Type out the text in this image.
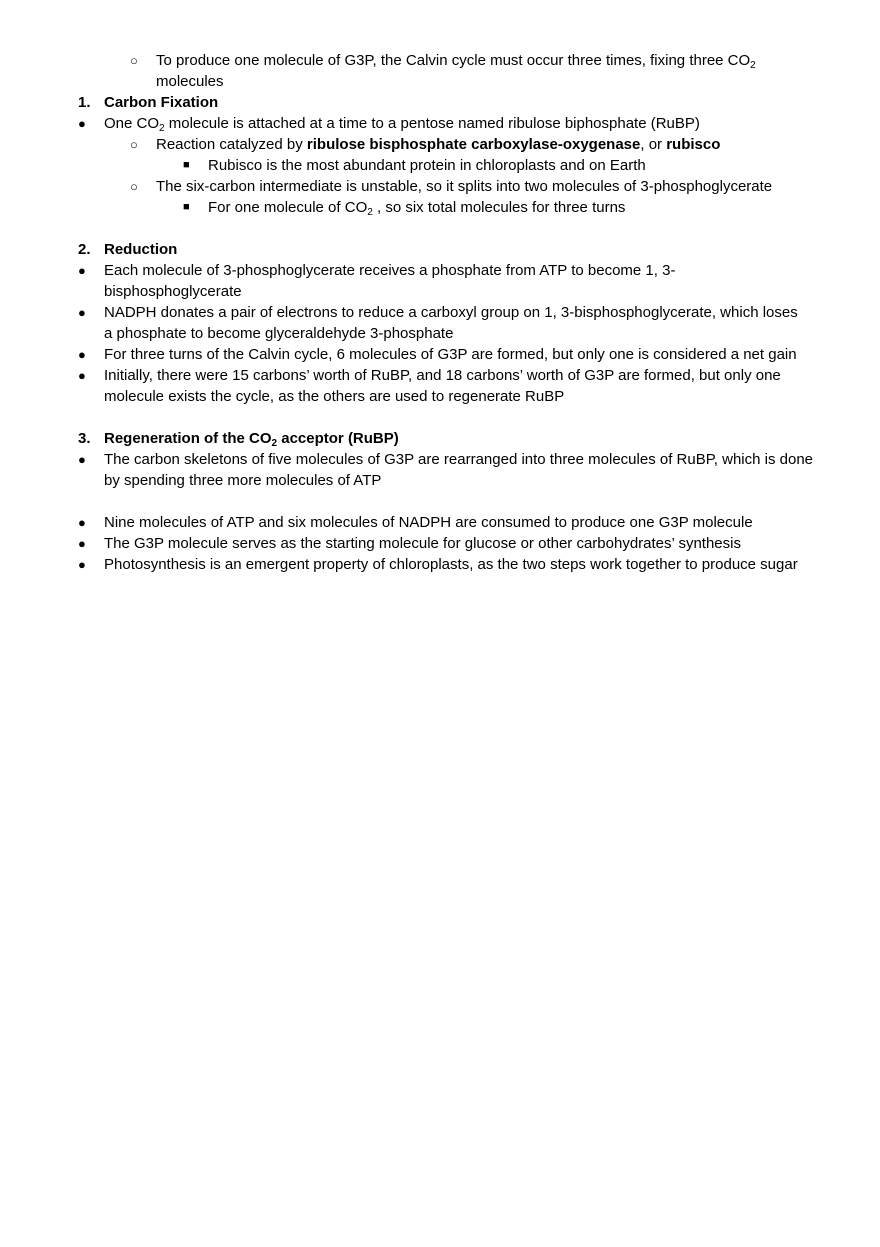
○ To produce one molecule of G3P, the Calvin cycle must occur three times, fixing three $CO_2$
molecules
1. Carbon Fixation
● One $CO_2$ molecule is attached at a time to a pentose named ribulose biphosphate (RuBP)
○ Reaction catalyzed by ribulose bisphosphate carboxylase-oxygenase, or rubisco
■ Rubisco is the most abundant protein in chloroplasts and on Earth
○ The six-carbon intermediate is unstable, so it splits into two molecules of 3-phosphoglycerate
■ For one molecule of $CO_2$ , so six total molecules for three turns
2. Reduction
● Each molecule of 3-phosphoglycerate receives a phosphate from ATP to become 1, 3-bisphosphoglycerate
● NADPH donates a pair of electrons to reduce a carboxyl group on 1, 3-bisphosphoglycerate, which loses a phosphate to become glyceraldehyde 3-phosphate
● For three turns of the Calvin cycle, 6 molecules of G3P are formed, but only one is considered a net gain
● Initially, there were 15 carbons’ worth of RuBP, and 18 carbons’ worth of G3P are formed, but only one molecule exists the cycle, as the others are used to regenerate RuBP
3. Regeneration of the $CO_2$ acceptor (RuBP)
● The carbon skeletons of five molecules of G3P are rearranged into three molecules of RuBP, which is done by spending three more molecules of ATP
● Nine molecules of ATP and six molecules of NADPH are consumed to produce one G3P molecule
● The G3P molecule serves as the starting molecule for glucose or other carbohydrates’ synthesis
● Photosynthesis is an emergent property of chloroplasts, as the two steps work together to produce sugar
